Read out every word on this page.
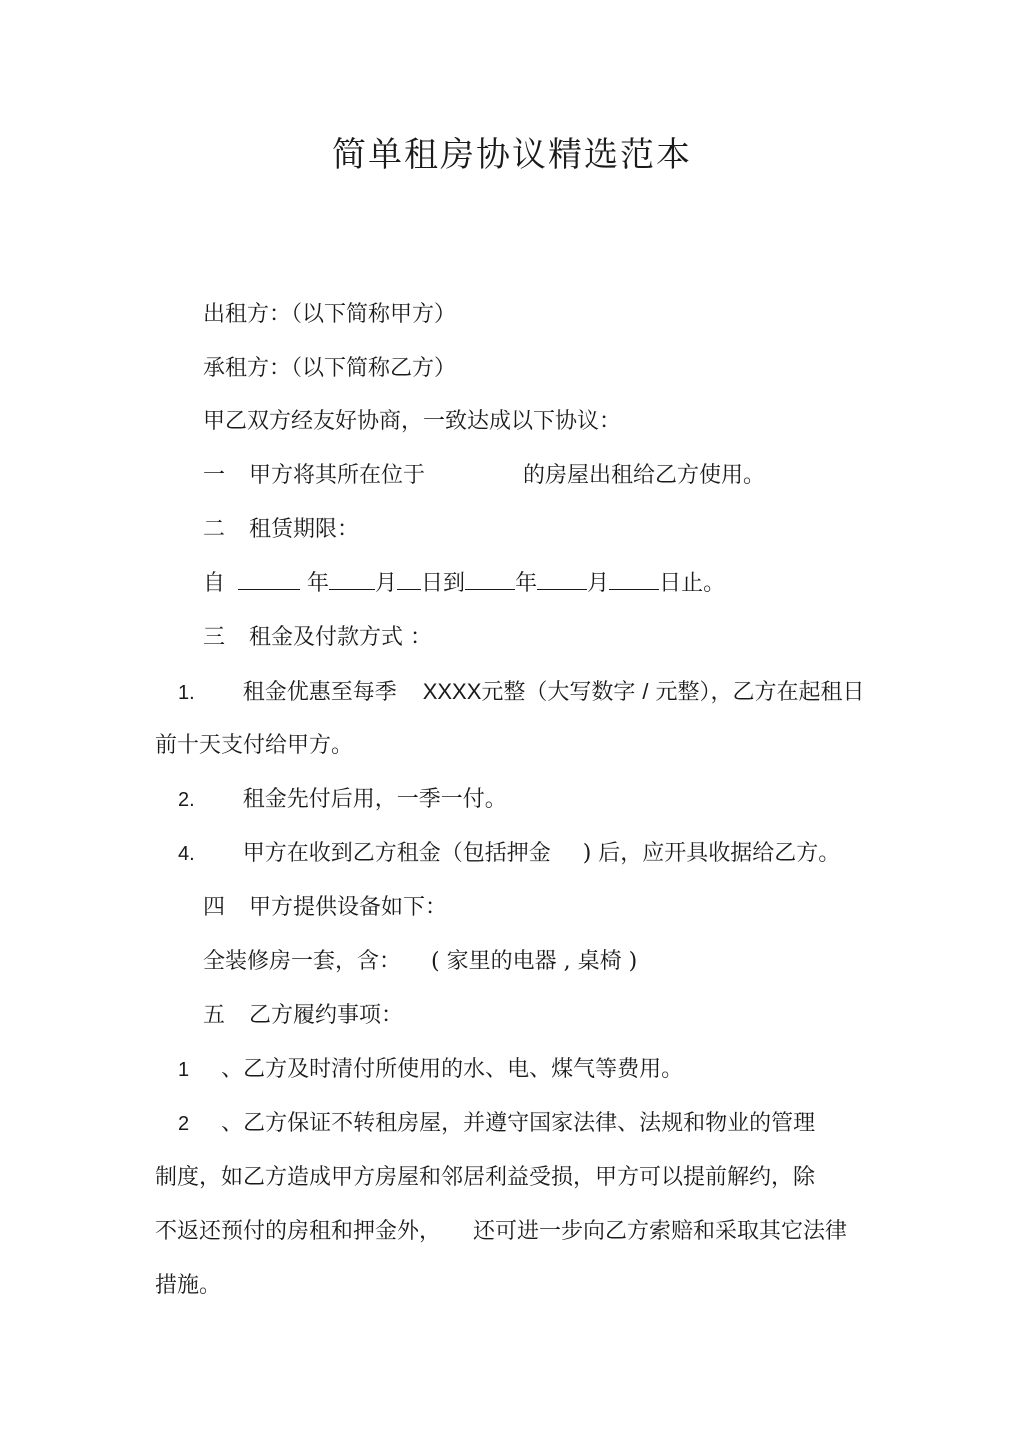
简单租房协议精选范本
出租方：（以下简称甲方）
承租方：（以下简称乙方）
甲乙双方经友好协商，一致达成以下协议：
一 甲方将其所在位于	的房屋出租给乙方使用。
二 租赁期限：
自	年 月 日到 年 月 日止。
三 租金及付款方式 ：
1. 租金优惠至每季 XXXX元整（大写数字 / 元整），乙方在起租日
前十天支付给甲方。
2. 租金先付后用，一季一付。
4. 甲方在收到乙方租金（包括押金 ) 后，应开具收据给乙方。
四 甲方提供设备如下：
全装修房一套，含： ( 家里的电器 , 桌椅 )
五 乙方履约事项：
1 、乙方及时清付所使用的水、电、煤气等费用。
2 、乙方保证不转租房屋，并遵守国家法律、法规和物业的管理
制度，如乙方造成甲方房屋和邻居利益受损，甲方可以提前解约，除
不返还预付的房租和押金外， 还可进一步向乙方索赔和采取其它法律
措施。
